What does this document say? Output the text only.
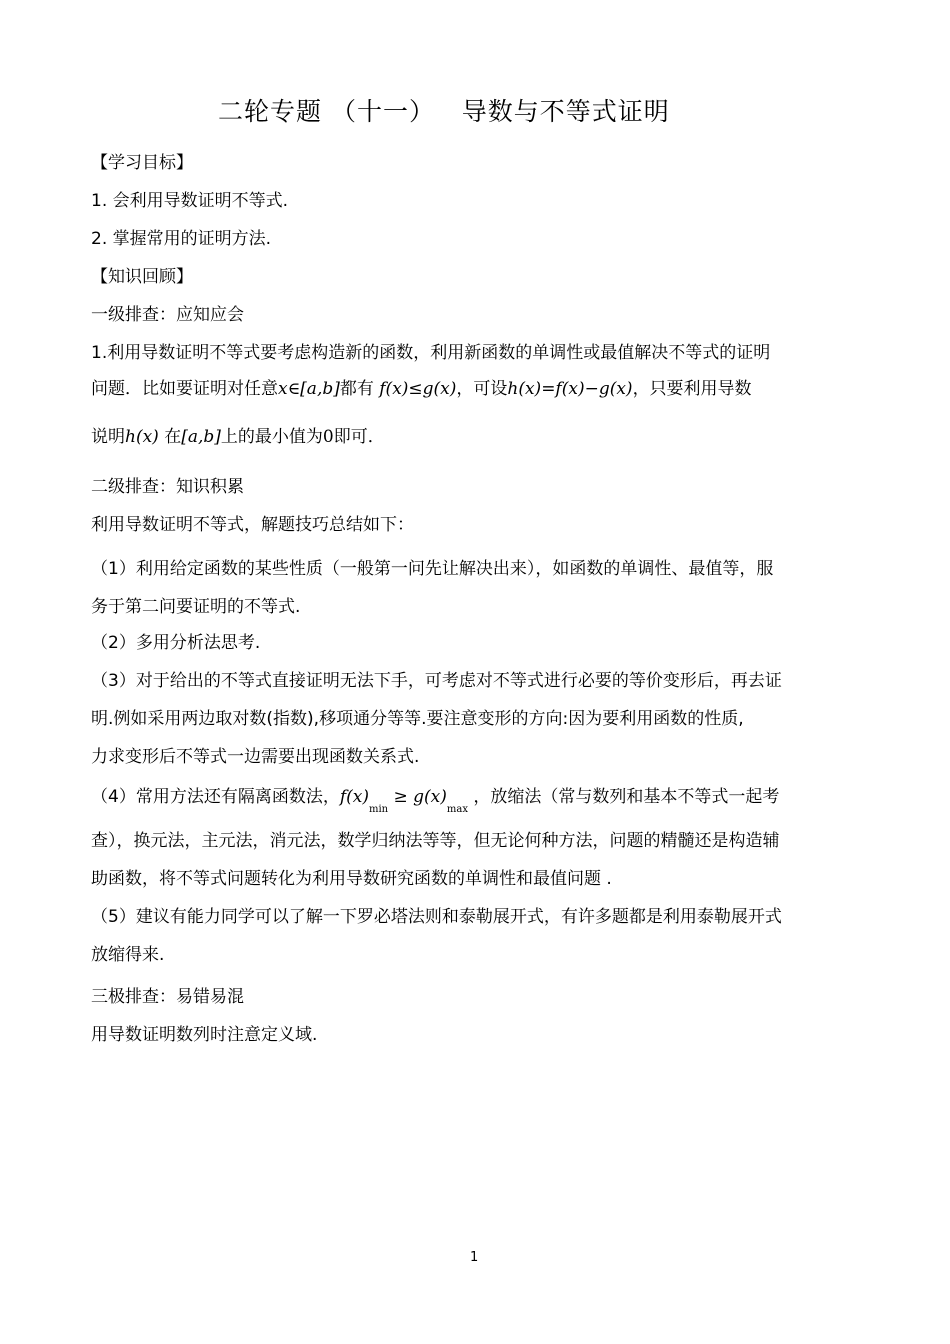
二轮专题 （十一）   导数与不等式证明
【学习目标】
1. 会利用导数证明不等式.
2. 掌握常用的证明方法.
【知识回顾】
一级排查：应知应会
1.利用导数证明不等式要考虑构造新的函数，利用新函数的单调性或最值解决不等式的证明
问题．比如要证明对任意x∈[a,b]都有 f(x)≤g(x)，可设h(x)=f(x)−g(x)，只要利用导数
说明h(x) 在[a,b]上的最小值为0即可．
二级排查：知识积累
利用导数证明不等式，解题技巧总结如下：
（1）利用给定函数的某些性质（一般第一问先让解决出来），如函数的单调性、最值等，服
务于第二问要证明的不等式.
（2）多用分析法思考.
（3）对于给出的不等式直接证明无法下手，可考虑对不等式进行必要的等价变形后，再去证
明.例如采用两边取对数(指数),移项通分等等.要注意变形的方向:因为要利用函数的性质,
力求变形后不等式一边需要出现函数关系式.
（4）常用方法还有隔离函数法，$f(x)_{min} \ge g(x)_{max}$ ，放缩法（常与数列和基本不等式一起考
查），换元法，主元法，消元法，数学归纳法等等，但无论何种方法，问题的精髓还是构造辅
助函数，将不等式问题转化为利用导数研究函数的单调性和最值问题 .
（5）建议有能力同学可以了解一下罗必塔法则和泰勒展开式，有许多题都是利用泰勒展开式
放缩得来.
三极排查：易错易混
用导数证明数列时注意定义域.
1
